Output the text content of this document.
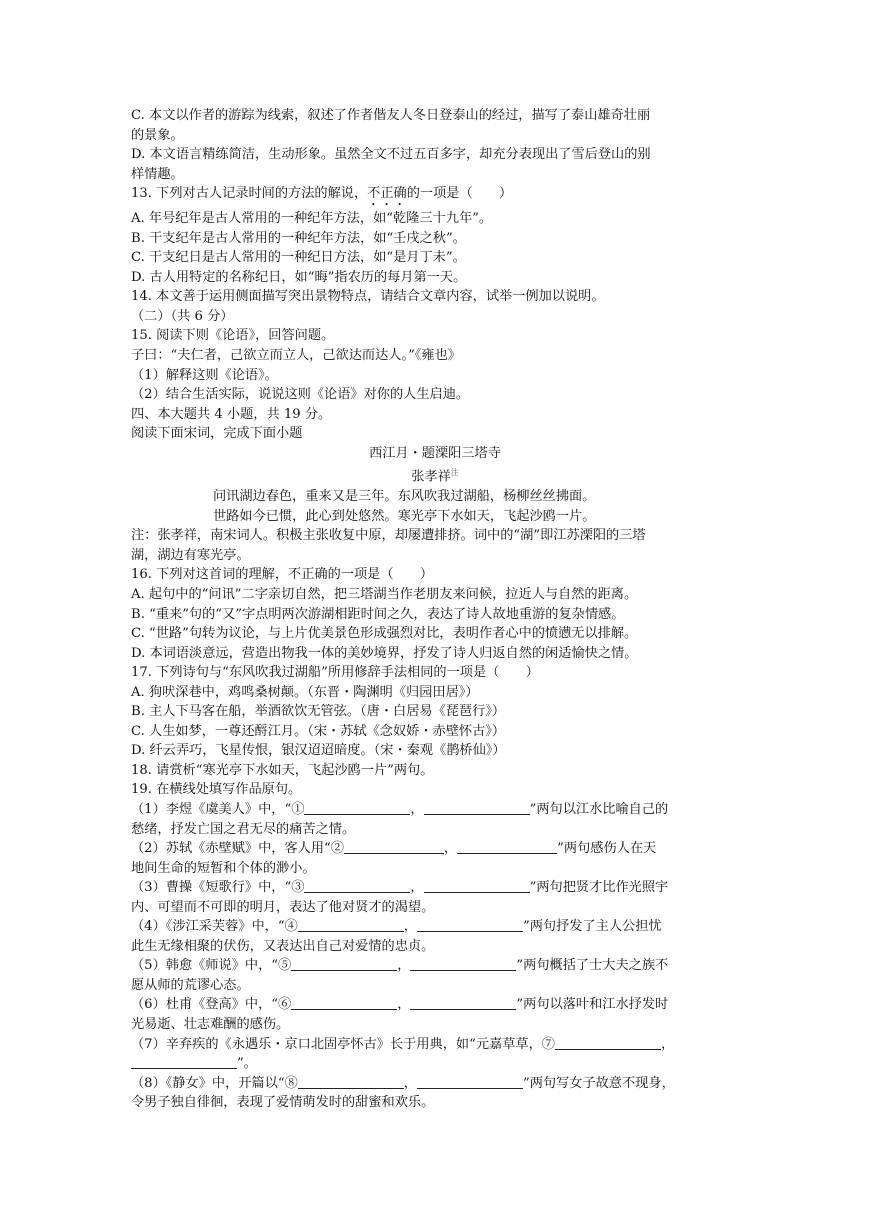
C. 本文以作者的游踪为线索，叙述了作者偕友人冬日登泰山的经过，描写了泰山雄奇壮丽
的景象。
D. 本文语言精练简洁，生动形象。虽然全文不过五百多字，却充分表现出了雪后登山的别
样情趣。
13. 下列对古人记录时间的方法的解说，不正确的一项是（　　）
A. 年号纪年是古人常用的一种纪年方法，如“乾隆三十九年”。
B. 干支纪年是古人常用的一种纪年方法，如“壬戌之秋”。
C. 干支纪日是古人常用的一种纪日方法，如“是月丁未”。
D. 古人用特定的名称纪日，如“晦”指农历的每月第一天。
14. 本文善于运用侧面描写突出景物特点，请结合文章内容，试举一例加以说明。
（二）（共 6 分）
15. 阅读下则《论语》，回答问题。
子曰：“夫仁者，己欲立而立人，己欲达而达人。”《雍也》
（1）解释这则《论语》。
（2）结合生活实际，说说这则《论语》对你的人生启迪。
四、本大题共 4 小题，共 19 分。
阅读下面宋词，完成下面小题
西江月・题溧阳三塔寺
张孝祥$^注$
问讯湖边春色，重来又是三年。东风吹我过湖船，杨柳丝丝拂面。
世路如今已惯，此心到处悠然。寒光亭下水如天，飞起沙鸥一片。
注：张孝祥，南宋词人。积极主张收复中原，却屡遭排挤。词中的“湖”即江苏溧阳的三塔
湖，湖边有寒光亭。
16. 下列对这首词的理解，不正确的一项是（　　）
A. 起句中的“问讯”二字亲切自然，把三塔湖当作老朋友来问候，拉近人与自然的距离。
B. “重来”句的“又”字点明两次游湖相距时间之久，表达了诗人故地重游的复杂情感。
C. “世路”句转为议论，与上片优美景色形成强烈对比，表明作者心中的愤懑无以排解。
D. 本词语淡意远，营造出物我一体的美妙境界，抒发了诗人归返自然的闲适愉快之情。
17. 下列诗句与“东风吹我过湖船”所用修辞手法相同的一项是（　　）
A. 狗吠深巷中，鸡鸣桑树颠。（东晋・陶渊明《归园田居》）
B. 主人下马客在船，举酒欲饮无管弦。（唐・白居易《琵琶行》）
C. 人生如梦，一尊还酹江月。（宋・苏轼《念奴娇・赤壁怀古》）
D. 纤云弄巧，飞星传恨，银汉迢迢暗度。（宋・秦观《鹊桥仙》）
18. 请赏析“寒光亭下水如天，飞起沙鸥一片”两句。
19. 在横线处填写作品原句。
（1）李煜《虞美人》中，“①	，	”两句以江水比喻自己的
愁绪，抒发亡国之君无尽的痛苦之情。
（2）苏轼《赤壁赋》中，客人用“②	，	”两句感伤人在天
地间生命的短暂和个体的渺小。
（3）曹操《短歌行》中，“③	，	”两句把贤才比作光照宇
内、可望而不可即的明月，表达了他对贤才的渴望。
（4）《涉江采芙蓉》中，“④	，	”两句抒发了主人公担忧
此生无缘相聚的伏伤，又表达出自己对爱情的忠贞。
（5）韩愈《师说》中，“⑤	，	”两句概括了士大夫之族不
愿从师的荒谬心态。
（6）杜甫《登高》中，“⑥	，	”两句以落叶和江水抒发时
光易逝、壮志难酬的感伤。
（7）辛弃疾的《永遇乐・京口北固亭怀古》长于用典，如“元嘉草草，⑦	，
”。
（8）《静女》中，开篇以“⑧	，	”两句写女子故意不现身，
令男子独自徘徊，表现了爱情萌发时的甜蜜和欢乐。
